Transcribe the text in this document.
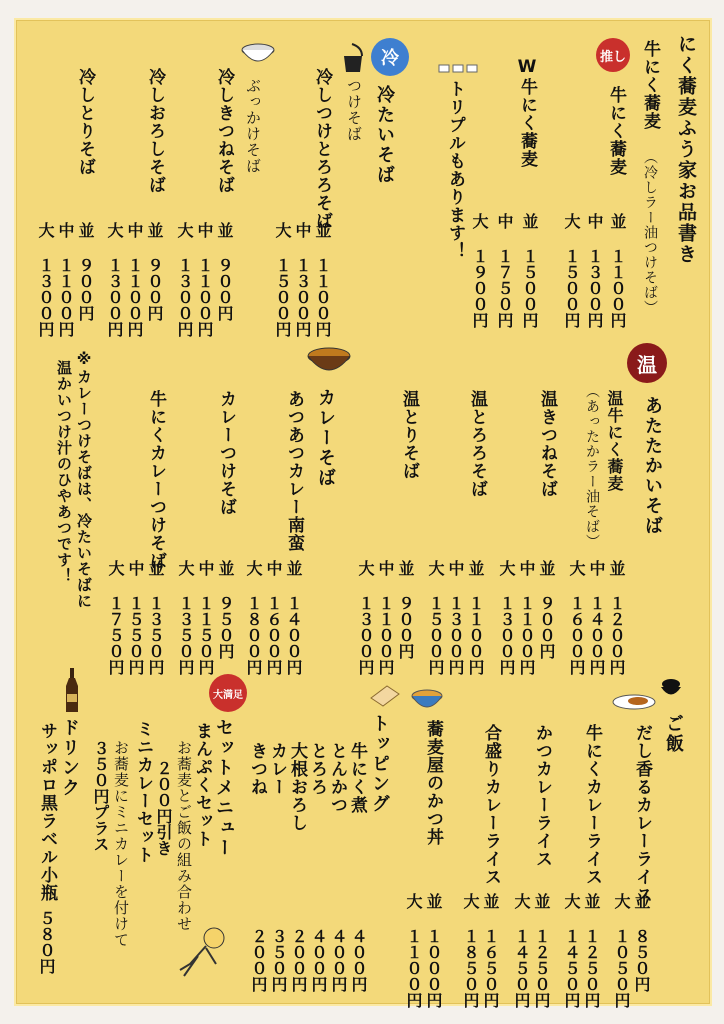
にく蕎麦ふう家お品書き
推し 牛にく蕎麦
（冷しラー油つけそば）
牛にく蕎麦
並 １１００円
中 １３００円
大 １５００円
W牛にく蕎麦
並 １５００円
中 １７５０円
大 １９００円
トリプルもあります！
冷
冷たいそば
つけそば
冷しつけとろろそば
並 １１００円
中 １３００円
大 １５００円
ぶっかけそば
冷しきつねそば
並 ９００円
中 １１００円
大 １３００円
冷しおろしそば
並 ９００円
中 １１００円
大 １３００円
冷しとりそば
並 ９００円
中 １１００円
大 １３００円
温
あたたかいそば
温牛にく蕎麦
（あったかラー油そば）
並 １２００円
中 １４００円
大 １６００円
温きつねそば
並 ９００円
中 １１００円
大 １３００円
温とろろそば
並 １１００円
中 １３００円
大 １５００円
温とりそば
並 ９００円
中 １１００円
大 １３００円
カレーそば
あつあつカレー南蛮
並 １４００円
中 １６００円
大 １８００円
カレーつけそば
並 ９５０円
中 １１５０円
大 １３５０円
牛にくカレーつけそば
並 １３５０円
中 １５５０円
大 １７５０円
※カレーつけそばは、冷たいそばに
温かいつけ汁のひやあつです！
ご飯
だし香るカレーライス
並 ８５０円
大 １０５０円
牛にくカレーライス
並 １２５０円
大 １４５０円
かつカレーライス
並 １２５０円
大 １４５０円
合盛りカレーライス
並 １６５０円
大 １８５０円
蕎麦屋のかつ丼
並 １０００円
大 １１００円
トッピング
牛にく煮
４００円
とんかつ
４００円
とろろ
４００円
大根おろし
２００円
カレー
３５０円
きつね
２００円
大満足
セットメニュー
まんぷくセット
お蕎麦とご飯の組み合わせ
２００円引き
ミニカレーセット
お蕎麦にミニカレーを付けて
３５０円プラス
ドリンク
サッポロ黒ラベル小瓶
５８０円
